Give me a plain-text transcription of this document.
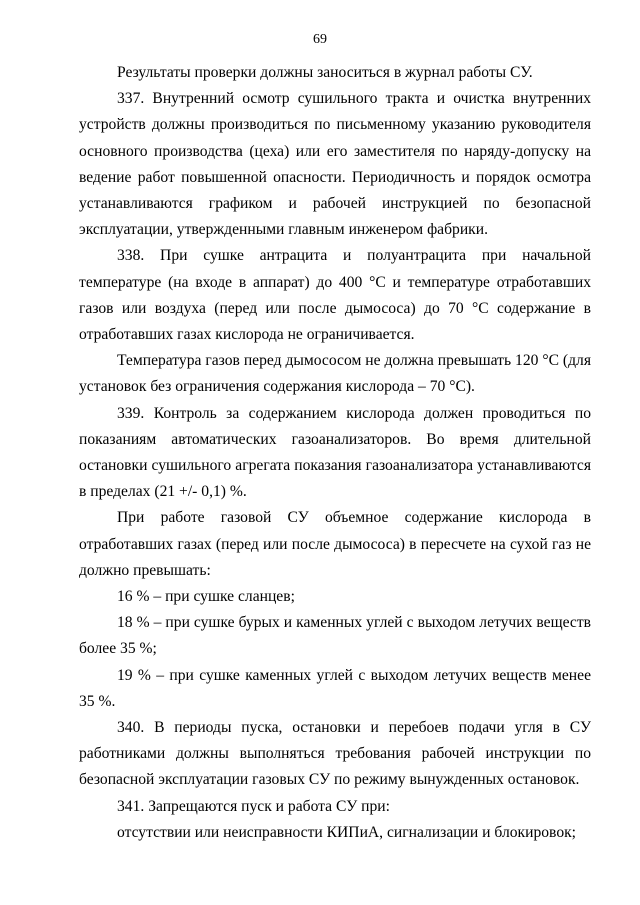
69

Результаты проверки должны заноситься в журнал работы СУ.

337. Внутренний осмотр сушильного тракта и очистка внутренних устройств должны производиться по письменному указанию руководителя основного производства (цеха) или его заместителя по наряду-допуску на ведение работ повышенной опасности. Периодичность и порядок осмотра устанавливаются графиком и рабочей инструкцией по безопасной эксплуатации, утвержденными главным инженером фабрики.

338. При сушке антрацита и полуантрацита при начальной температуре (на входе в аппарат) до 400 °С и температуре отработавших газов или воздуха (перед или после дымососа) до 70 °С содержание в отработавших газах кислорода не ограничивается.

Температура газов перед дымососом не должна превышать 120 °С (для установок без ограничения содержания кислорода – 70 °С).

339. Контроль за содержанием кислорода должен проводиться по показаниям автоматических газоанализаторов. Во время длительной остановки сушильного агрегата показания газоанализатора устанавливаются в пределах (21 +/- 0,1) %.

При работе газовой СУ объемное содержание кислорода в отработавших газах (перед или после дымососа) в пересчете на сухой газ не должно превышать:

16 % – при сушке сланцев;

18 % – при сушке бурых и каменных углей с выходом летучих веществ более 35 %;

19 % – при сушке каменных углей с выходом летучих веществ менее 35 %.

340. В периоды пуска, остановки и перебоев подачи угля в СУ работниками должны выполняться требования рабочей инструкции по безопасной эксплуатации газовых СУ по режиму вынужденных остановок.

341. Запрещаются пуск и работа СУ при:

отсутствии или неисправности КИПиА, сигнализации и блокировок;
